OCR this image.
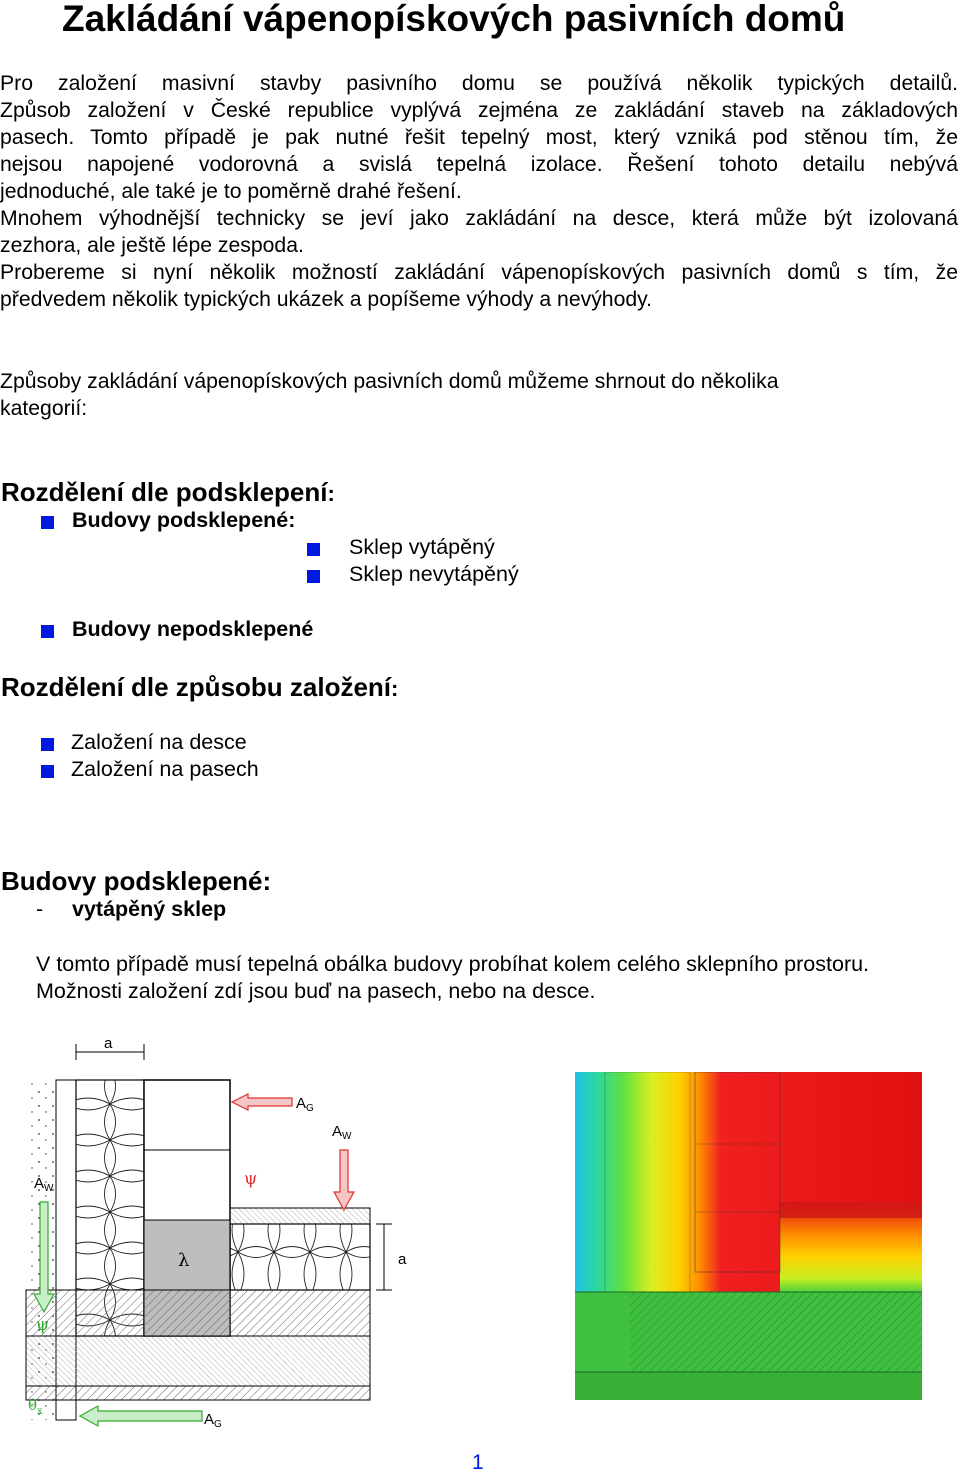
Zakládání vápenopískových pasivních domů
Pro založení masivní stavby pasivního domu se používá několik typických detailů.
Způsob založení v České republice vyplývá zejména ze zakládání staveb na základových
pasech. Tomto případě je pak nutné řešit tepelný most, který vzniká pod stěnou tím, že
nejsou napojené vodorovná a svislá tepelná izolace. Řešení tohoto detailu nebývá
jednoduché, ale také je to poměrně drahé řešení.
Mnohem výhodnější technicky se jeví jako zakládání na desce, která může být izolovaná
zezhora, ale ještě lépe zespoda.
Probereme si nyní několik možností zakládání vápenopískových pasivních domů s tím, že
předvedem několik typických ukázek a popíšeme výhody a nevýhody.
Způsoby zakládání vápenopískových pasivních domů můžeme shrnout do několika
kategorií:
Rozdělení dle podsklepení:
Budovy podsklepené:
Sklep vytápěný
Sklep nevytápěný
Budovy nepodsklepené
Rozdělení dle způsobu založení:
Založení na desce
Založení na pasech
Budovy podsklepené:
- vytápěný sklep
V tomto případě musí tepelná obálka budovy probíhat kolem celého sklepního prostoru.
Možnosti založení zdí jsou buď na pasech, nebo na desce.
a
a
$A_G$
$A_W$
$A_W$	ψ
ψ
λ
$\theta_x$	$A_G$
1
